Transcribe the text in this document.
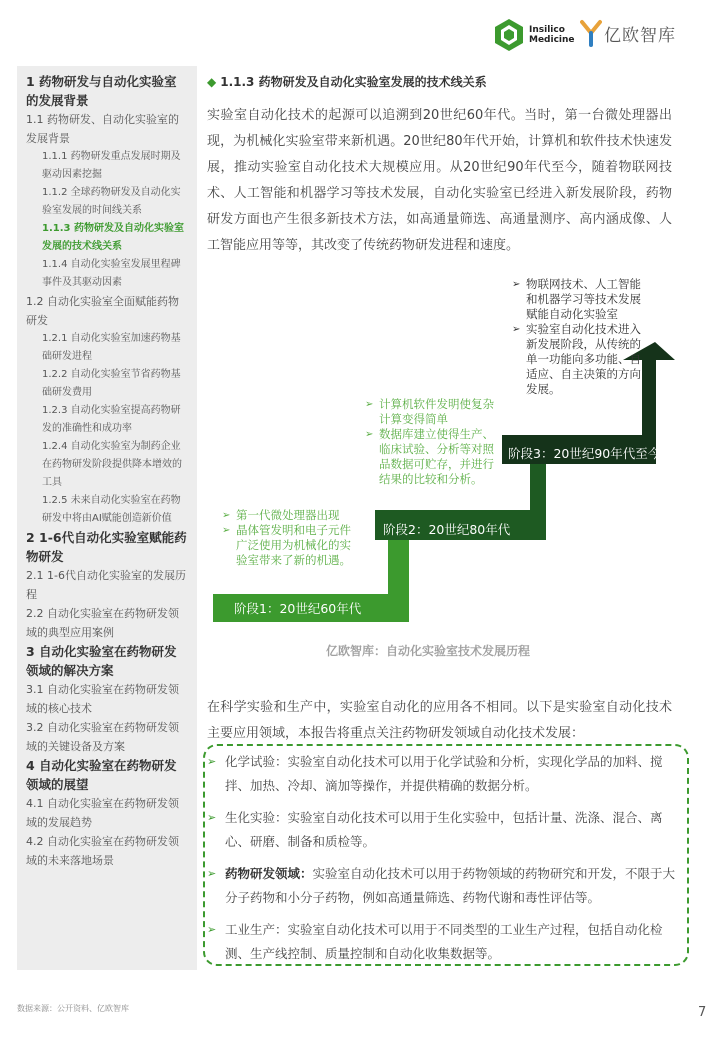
Insilico
Medicine 亿欧智库
1 药物研发与自动化实验室的发展背景
1.1 药物研发、自动化实验室的发展背景
1.1.1 药物研发重点发展时期及驱动因素挖掘
1.1.2 全球药物研发及自动化实验室发展的时间线关系
1.1.3 药物研发及自动化实验室发展的技术线关系
1.1.4 自动化实验室发展里程碑事件及其驱动因素
1.2 自动化实验室全面赋能药物研发
1.2.1 自动化实验室加速药物基础研发进程
1.2.2 自动化实验室节省药物基础研发费用
1.2.3 自动化实验室提高药物研发的准确性和成功率
1.2.4 自动化实验室为制药企业在药物研发阶段提供降本增效的工具
1.2.5 未来自动化实验室在药物研发中将由AI赋能创造新价值
2 1-6代自动化实验室赋能药物研发
2.1 1-6代自动化实验室的发展历程
2.2 自动化实验室在药物研发领域的典型应用案例
3 自动化实验室在药物研发领域的解决方案
3.1 自动化实验室在药物研发领域的核心技术
3.2 自动化实验室在药物研发领域的关键设备及方案
4 自动化实验室在药物研发领域的展望
4.1 自动化实验室在药物研发领域的发展趋势
4.2 自动化实验室在药物研发领域的未来落地场景
◆ 1.1.3 药物研发及自动化实验室发展的技术线关系
实验室自动化技术的起源可以追溯到20世纪60年代。当时，第一台微处理器出现，为机械化实验室带来新机遇。20世纪80年代开始，计算机和软件技术快速发展，推动实验室自动化技术大规模应用。从20世纪90年代至今，随着物联网技术、人工智能和机器学习等技术发展，自动化实验室已经进入新发展阶段，药物研发方面也产生很多新技术方法，如高通量筛选、高通量测序、高内涵成像、人工智能应用等等，其改变了传统药物研发进程和速度。
阶段1：20世纪60年代
阶段2：20世纪80年代
阶段3：20世纪90年代至今
➢ 第一代微处理器出现
➢ 晶体管发明和电子元件广泛使用为机械化的实验室带来了新的机遇。
➢ 计算机软件发明使复杂计算变得简单
➢ 数据库建立使得生产、临床试验、分析等对照品数据可贮存，并进行结果的比较和分析。
➢ 物联网技术、人工智能和机器学习等技术发展赋能自动化实验室
➢ 实验室自动化技术进入新发展阶段，从传统的单一功能向多功能、自适应、自主决策的方向发展。
亿欧智库：自动化实验室技术发展历程
在科学实验和生产中，实验室自动化的应用各不相同。以下是实验室自动化技术主要应用领域，本报告将重点关注药物研发领域自动化技术发展：
➢ 化学试验：实验室自动化技术可以用于化学试验和分析，实现化学品的加料、搅拌、加热、冷却、滴加等操作，并提供精确的数据分析。
➢ 生化实验：实验室自动化技术可以用于生化实验中，包括计量、洗涤、混合、离心、研磨、制备和质检等。
➢ 药物研发领域：实验室自动化技术可以用于药物领域的药物研究和开发，不限于大分子药物和小分子药物，例如高通量筛选、药物代谢和毒性评估等。
➢ 工业生产：实验室自动化技术可以用于不同类型的工业生产过程，包括自动化检测、生产线控制、质量控制和自动化收集数据等。
数据来源：公开资料、亿欧智库	7
